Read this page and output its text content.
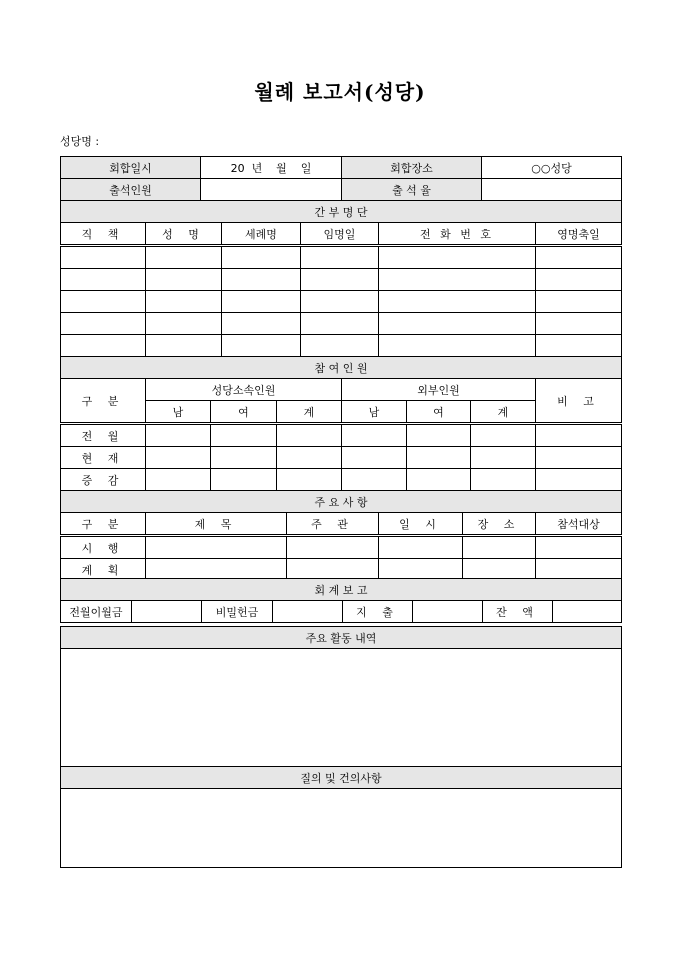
월례 보고서(성당)
성당명 :
회합일시	20  년    월    일	회합장소	○○성당
출석인원		출 석 율	
간 부 명 단					
직 책	성 명	세례명	임명일	전 화 번 호	영명축일

참 여 인 원							
구 분	성당소속인원			외부인원			비 고
	남	여	계	남	여	계	
전 월							
현 재							
증 감							
주 요 사 항					
구 분	제 목	주 관	일 시	장 소	참석대상
시 행					
계 획					
회 계 보 고
전월이월금		비밀헌금		지 출		잔 액	
주요 활동 내역

질의 및 건의사항
